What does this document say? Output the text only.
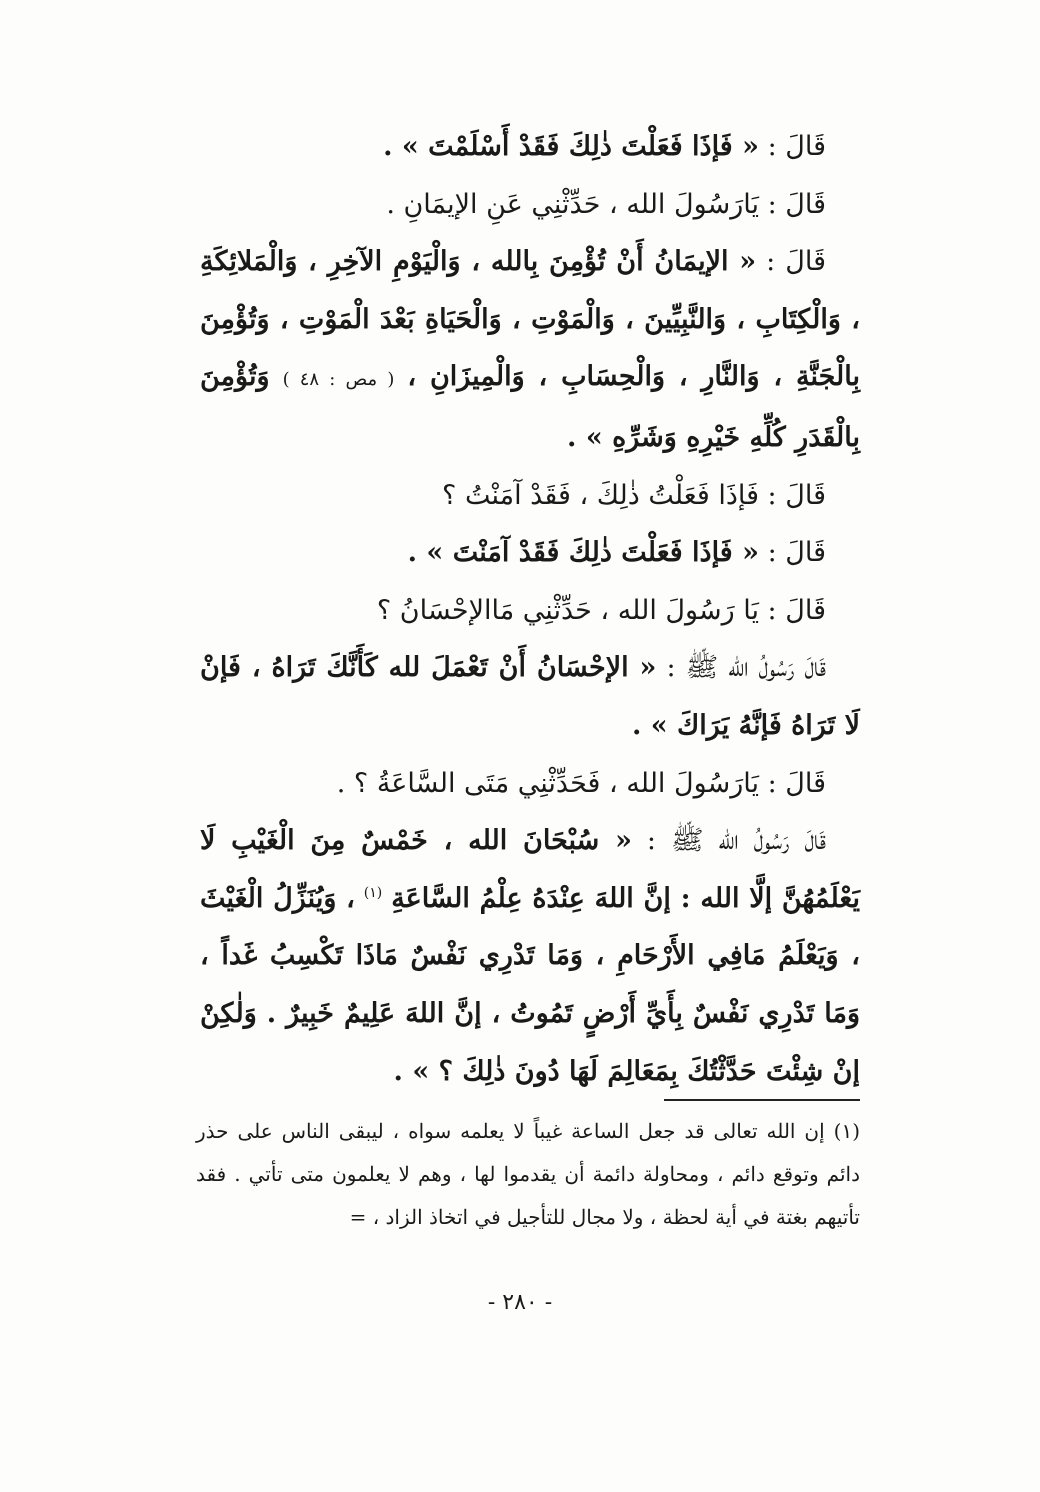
قَالَ : « فَإذَا فَعَلْتَ ذٰلِكَ فَقَدْ أَسْلَمْتَ » .

قَالَ : يَارَسُولَ الله ، حَدِّثْنِي عَنِ الإيمَانِ .

قَالَ : « الإيمَانُ أَنْ تُؤْمِنَ بِالله ، وَالْيَوْمِ الآخِرِ ، وَالْمَلائِكَةِ ، وَالْكِتَابِ ، وَالنَّبِيِّينَ ، وَالْمَوْتِ ، وَالْحَيَاةِ بَعْدَ الْمَوْتِ ، وَتُؤْمِنَ بِالْجَنَّةِ ، وَالنَّارِ ، وَالْحِسَابِ ، وَالْمِيزَانِ ، ( مص : ٤٨ ) وَتُؤْمِنَ بِالْقَدَرِ كُلِّهِ خَيْرِهِ وَشَرِّهِ » .

قَالَ : فَإذَا فَعَلْتُ ذٰلِكَ ، فَقَدْ آمَنْتُ ؟

قَالَ : « فَإذَا فَعَلْتَ ذٰلِكَ فَقَدْ آمَنْتَ » .

قَالَ : يَا رَسُولَ الله ، حَدِّثْنِي مَاالإحْسَانُ ؟

قَالَ رَسُولُ الله ﷺ : « الإحْسَانُ أَنْ تَعْمَلَ لله كَأَنَّكَ تَرَاهُ ، فَإنْ لَا تَرَاهُ فَإنَّهُ يَرَاكَ » .

قَالَ : يَارَسُولَ الله ، فَحَدِّثْنِي مَتَى السَّاعَةُ ؟ .

قَالَ رَسُولُ الله ﷺ : « سُبْحَانَ الله ، خَمْسٌ مِنَ الْغَيْبِ لَا يَعْلَمُهُنَّ إلَّا الله : إنَّ اللهَ عِنْدَهُ عِلْمُ السَّاعَةِ $^{(١)}$ ، وَيُنَزِّلُ الْغَيْثَ ، وَيَعْلَمُ مَافِي الأَرْحَامِ ، وَمَا تَدْرِي نَفْسٌ مَاذَا تَكْسِبُ غَداً ، وَمَا تَدْرِي نَفْسٌ بِأَيِّ أَرْضٍ تَمُوتُ ، إنَّ اللهَ عَلِيمٌ خَبِيرٌ . وَلٰكِنْ إنْ شِئْتَ حَدَّثْتُكَ بِمَعَالِمَ لَهَا دُونَ ذٰلِكَ ؟ » .

(١) إن الله تعالى قد جعل الساعة غيباً لا يعلمه سواه ، ليبقى الناس على حذر دائم وتوقع دائم ، ومحاولة دائمة أن يقدموا لها ، وهم لا يعلمون متى تأتي . فقد تأتيهم بغتة في أية لحظة ، ولا مجال للتأجيل في اتخاذ الزاد ، =

- ٢٨٠ -
